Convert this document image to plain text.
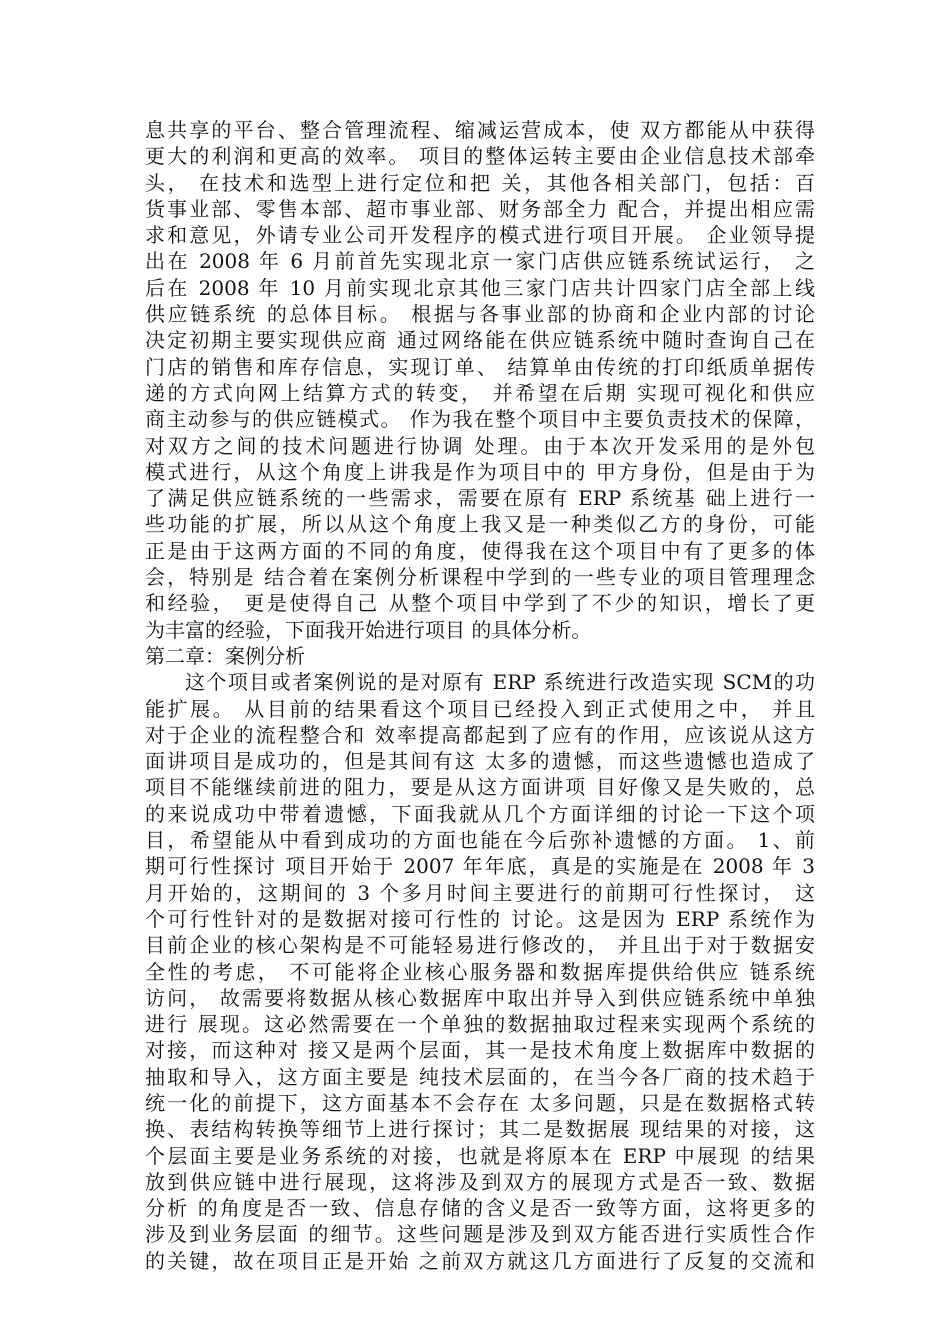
息共享的平台、整合管理流程、缩减运营成本，使 双方都能从中获得
更大的利润和更高的效率。 项目的整体运转主要由企业信息技术部牵
头， 在技术和选型上进行定位和把 关，其他各相关部门，包括：百
货事业部、零售本部、超市事业部、财务部全力 配合，并提出相应需
求和意见，外请专业公司开发程序的模式进行项目开展。 企业领导提
出在 2008 年 6 月前首先实现北京一家门店供应链系统试运行， 之
后在 2008 年 10 月前实现北京其他三家门店共计四家门店全部上线
供应链系统 的总体目标。 根据与各事业部的协商和企业内部的讨论
决定初期主要实现供应商 通过网络能在供应链系统中随时查询自己在
门店的销售和库存信息，实现订单、 结算单由传统的打印纸质单据传
递的方式向网上结算方式的转变， 并希望在后期 实现可视化和供应
商主动参与的供应链模式。 作为我在整个项目中主要负责技术的保障，
对双方之间的技术问题进行协调 处理。由于本次开发采用的是外包
模式进行，从这个角度上讲我是作为项目中的 甲方身份，但是由于为
了满足供应链系统的一些需求，需要在原有 ERP 系统基 础上进行一
些功能的扩展，所以从这个角度上我又是一种类似乙方的身份，可能
正是由于这两方面的不同的角度，使得我在这个项目中有了更多的体
会，特别是 结合着在案例分析课程中学到的一些专业的项目管理理念
和经验， 更是使得自己 从整个项目中学到了不少的知识，增长了更
为丰富的经验，下面我开始进行项目 的具体分析。
第二章：案例分析
这个项目或者案例说的是对原有 ERP 系统进行改造实现 SCM的功
能扩展。 从目前的结果看这个项目已经投入到正式使用之中， 并且
对于企业的流程整合和 效率提高都起到了应有的作用，应该说从这方
面讲项目是成功的，但是其间有这 太多的遗憾，而这些遗憾也造成了
项目不能继续前进的阻力，要是从这方面讲项 目好像又是失败的，总
的来说成功中带着遗憾，下面我就从几个方面详细的讨论一下这个项
目，希望能从中看到成功的方面也能在今后弥补遗憾的方面。 1、前
期可行性探讨 项目开始于 2007 年年底，真是的实施是在 2008 年 3
月开始的，这期间的 3 个多月时间主要进行的前期可行性探讨， 这
个可行性针对的是数据对接可行性的 讨论。这是因为 ERP 系统作为
目前企业的核心架构是不可能轻易进行修改的， 并且出于对于数据安
全性的考虑， 不可能将企业核心服务器和数据库提供给供应 链系统
访问， 故需要将数据从核心数据库中取出并导入到供应链系统中单独
进行 展现。这必然需要在一个单独的数据抽取过程来实现两个系统的
对接，而这种对 接又是两个层面，其一是技术角度上数据库中数据的
抽取和导入，这方面主要是 纯技术层面的，在当今各厂商的技术趋于
统一化的前提下，这方面基本不会存在 太多问题，只是在数据格式转
换、表结构转换等细节上进行探讨；其二是数据展 现结果的对接，这
个层面主要是业务系统的对接，也就是将原本在 ERP 中展现 的结果
放到供应链中进行展现，这将涉及到双方的展现方式是否一致、数据
分析 的角度是否一致、信息存储的含义是否一致等方面，这将更多的
涉及到业务层面 的细节。这些问题是涉及到双方能否进行实质性合作
的关键，故在项目正是开始 之前双方就这几方面进行了反复的交流和
